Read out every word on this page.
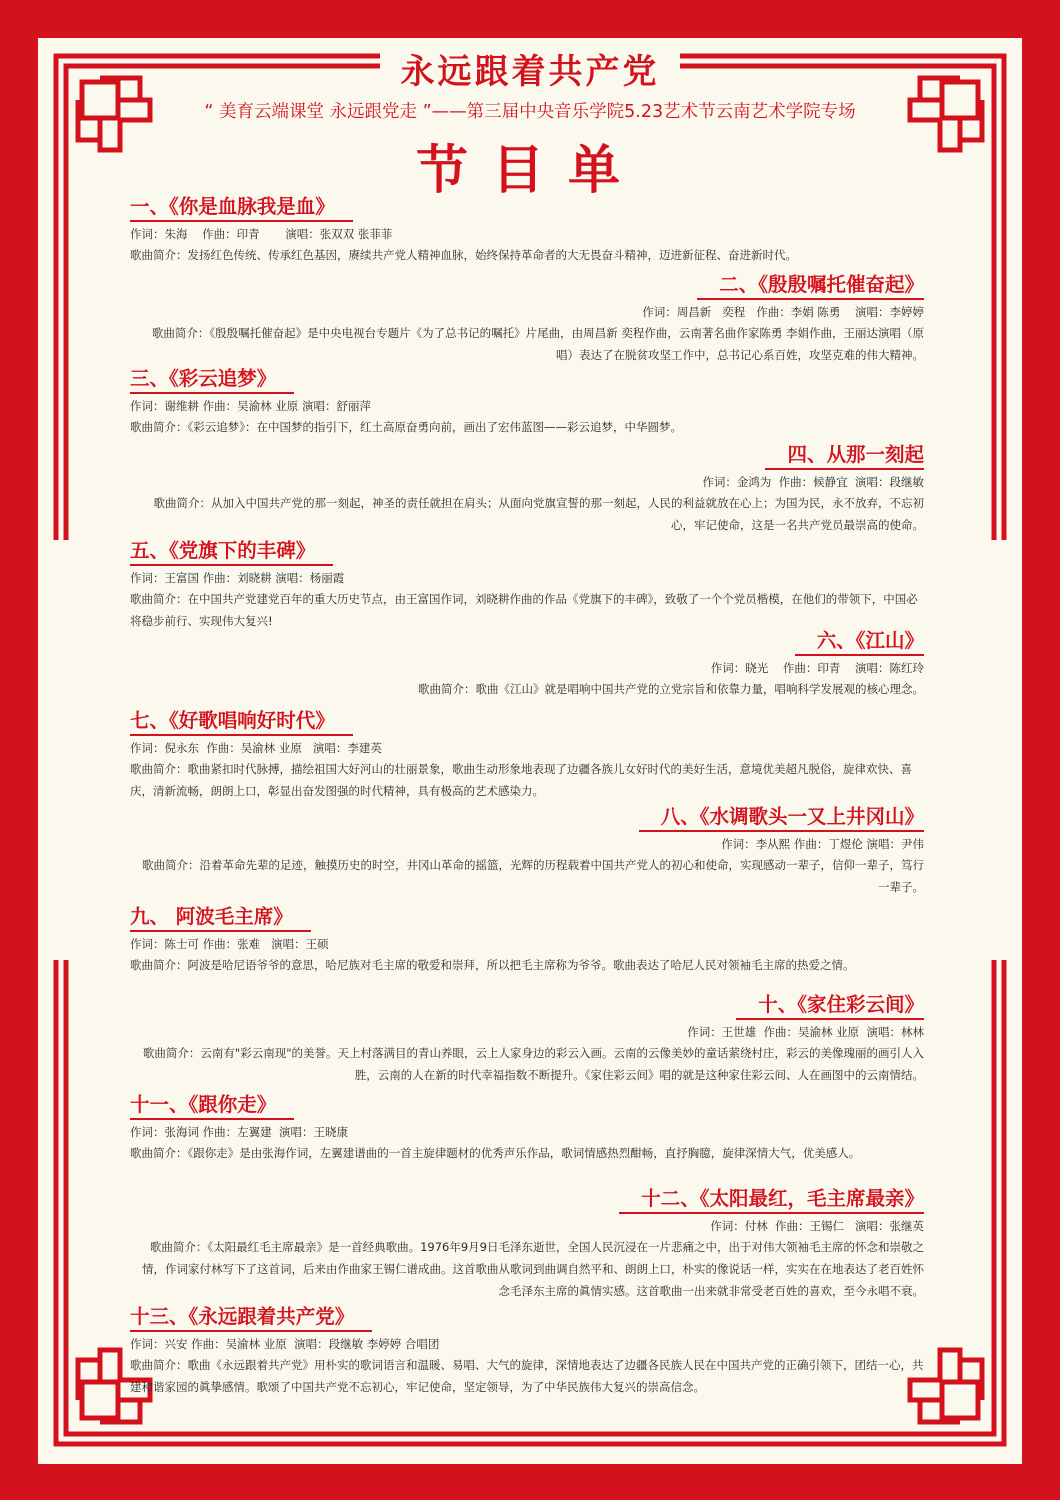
永远跟着共产党
“ 美育云端课堂 永远跟党走 ”——第三届中央音乐学院5.23艺术节云南艺术学院专场
节目单
一、《你是血脉我是血》
作词：朱海    作曲：印青       演唱：张双双 张菲菲
歌曲简介：发扬红色传统、传承红色基因，赓续共产党人精神血脉，始终保持革命者的大无畏奋斗精神，迈进新征程、奋进新时代。
二、《殷殷嘱托催奋起》
作词：周昌新   奕程   作曲：李娟 陈勇    演唱：李婷婷
歌曲简介：《殷殷嘱托催奋起》是中央电视台专题片《为了总书记的嘱托》片尾曲，由周昌新 奕程作曲，云南著名曲作家陈勇 李娟作曲，王丽达演唱（原唱）表达了在脱贫攻坚工作中，总书记心系百姓，攻坚克难的伟大精神。
三、《彩云追梦》
作词：谢维耕 作曲：吴渝林 业原 演唱：舒丽萍
歌曲简介：《彩云追梦》：在中国梦的指引下，红土高原奋勇向前，画出了宏伟蓝图——彩云追梦，中华圆梦。
四、从那一刻起
作词：金鸿为  作曲：候静宜  演唱：段继敏
歌曲简介：从加入中国共产党的那一刻起，神圣的责任就担在肩头；从面向党旗宣誓的那一刻起，人民的利益就放在心上；为国为民，永不放弃，不忘初心，牢记使命，这是一名共产党员最崇高的使命。
五、《党旗下的丰碑》
作词：王富国 作曲：刘晓耕 演唱：杨丽霞
歌曲简介：在中国共产党建党百年的重大历史节点，由王富国作词，刘晓耕作曲的作品《党旗下的丰碑》，致敬了一个个党员楷模，在他们的带领下，中国必将稳步前行、实现伟大复兴!
六、《江山》
作词：晓光    作曲：印青    演唱：陈红玲
歌曲简介：歌曲《江山》就是唱响中国共产党的立党宗旨和依靠力量，唱响科学发展观的核心理念。
七、《好歌唱响好时代》
作词：倪永东  作曲：吴渝林 业原   演唱：李建英
歌曲简介：歌曲紧扣时代脉搏，描绘祖国大好河山的壮丽景象，歌曲生动形象地表现了边疆各族儿女好时代的美好生活，意境优美超凡脱俗，旋律欢快、喜庆，清新流畅，朗朗上口，彰显出奋发图强的时代精神，具有极高的艺术感染力。
八、《水调歌头一又上井冈山》
作词：李从熙 作曲：丁煜伦 演唱：尹伟
歌曲简介：沿着革命先辈的足迹，触摸历史的时空，井冈山革命的摇篮，光辉的历程载着中国共产党人的初心和使命，实现感动一辈子，信仰一辈子，笃行一辈子。
九、 阿波毛主席》
作词：陈士可 作曲：张难   演唱：王硕
歌曲简介：阿波是哈尼语爷爷的意思，哈尼族对毛主席的敬爱和崇拜，所以把毛主席称为爷爷。歌曲表达了哈尼人民对领袖毛主席的热爱之情。
十、《家住彩云间》
作词：王世雄  作曲：吴渝林 业原  演唱：林林
歌曲简介：云南有"彩云南现"的美誉。天上村落满目的青山养眼，云上人家身边的彩云入画。云南的云像美妙的童话萦绕村庄，彩云的美像瑰丽的画引人入胜，云南的人在新的时代幸福指数不断提升。《家住彩云间》唱的就是这种家住彩云间、人在画图中的云南情结。
十一、《跟你走》
作词：张海词 作曲：左翼建  演唱：王晓康
歌曲简介：《跟你走》是由张海作词，左翼建谱曲的一首主旋律题材的优秀声乐作品，歌词情感热烈酣畅，直抒胸臆，旋律深情大气，优美感人。
十二、《太阳最红，毛主席最亲》
作词：付林  作曲：王锡仁   演唱：张继英
歌曲简介：《太阳最红毛主席最亲》是一首经典歌曲。1976年9月9日毛泽东逝世，全国人民沉浸在一片悲痛之中，出于对伟大领袖毛主席的怀念和崇敬之情，作词家付林写下了这首词，后来由作曲家王锡仁谱成曲。这首歌曲从歌词到曲调自然平和、朗朗上口，朴实的像说话一样，实实在在地表达了老百姓怀念毛泽东主席的眞情实感。这首歌曲一出来就非常受老百姓的喜欢，至今永唱不衰。
十三、《永远跟着共产党》
作词：兴安 作曲：吴渝林 业原  演唱：段继敏 李婷婷 合唱团
歌曲简介：歌曲《永远跟着共产党》用朴实的歌词语言和温暖、易唱、大气的旋律，深情地表达了边疆各民族人民在中国共产党的正确引领下，团结一心，共建和谐家园的眞挚感情。歌颂了中国共产党不忘初心，牢记使命，坚定领导，为了中华民族伟大复兴的崇高信念。
